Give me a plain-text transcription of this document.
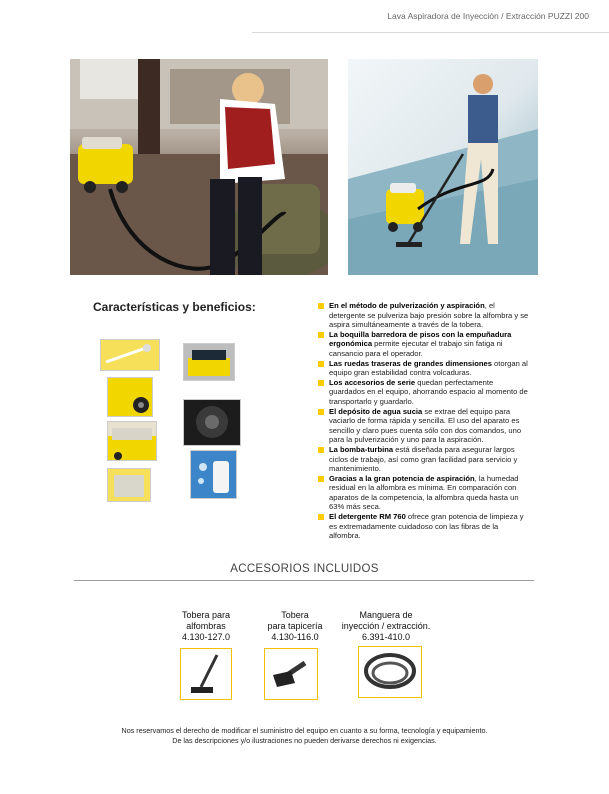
Lava Aspiradora de Inyección / Extracción PUZZI 200
Características y beneficios:	En el método de pulverización y aspiración, el detergente se pulveriza bajo presión sobre la alfombra y se aspira simultáneamente a través de la tobera.
La boquilla barredora de pisos con la empuñadura ergonómica permite ejecutar el trabajo sin fatiga ni cansancio para el operador.
Las ruedas traseras de grandes dimensiones otorgan al equipo gran estabilidad contra volcaduras.
Los accesorios de serie quedan perfectamente guardados en el equipo, ahorrando espacio al momento de transportarlo y guardarlo.
El depósito de agua sucia se extrae del equipo para vaciarlo de forma rápida y sencilla. El uso del aparato es sencillo y claro pues cuenta sólo con dos comandos, uno para la pulverización y uno para la aspiración.
La bomba-turbina está diseñada para asegurar largos ciclos de trabajo, así como gran facilidad para servicio y mantenimiento.
Gracias a la gran potencia de aspiración, la humedad residual en la alfombra es mínima. En comparación con aparatos de la competencia, la alfombra queda hasta un 63% más seca.
El detergente RM 760 ofrece gran potencia de limpieza y es extremadamente cuidadoso con las fibras de la alfombra.
ACCESORIOS INCLUIDOS
Tobera para
alfombras
4.130-127.0
Tobera
para tapicería
4.130-116.0
Manguera de
inyección / extracción.
6.391-410.0
Nos reservamos el derecho de modificar el suministro del equipo en cuanto a su forma, tecnología y equipamiento.
De las descripciones y/o ilustraciones no pueden derivarse derechos ni exigencias.
